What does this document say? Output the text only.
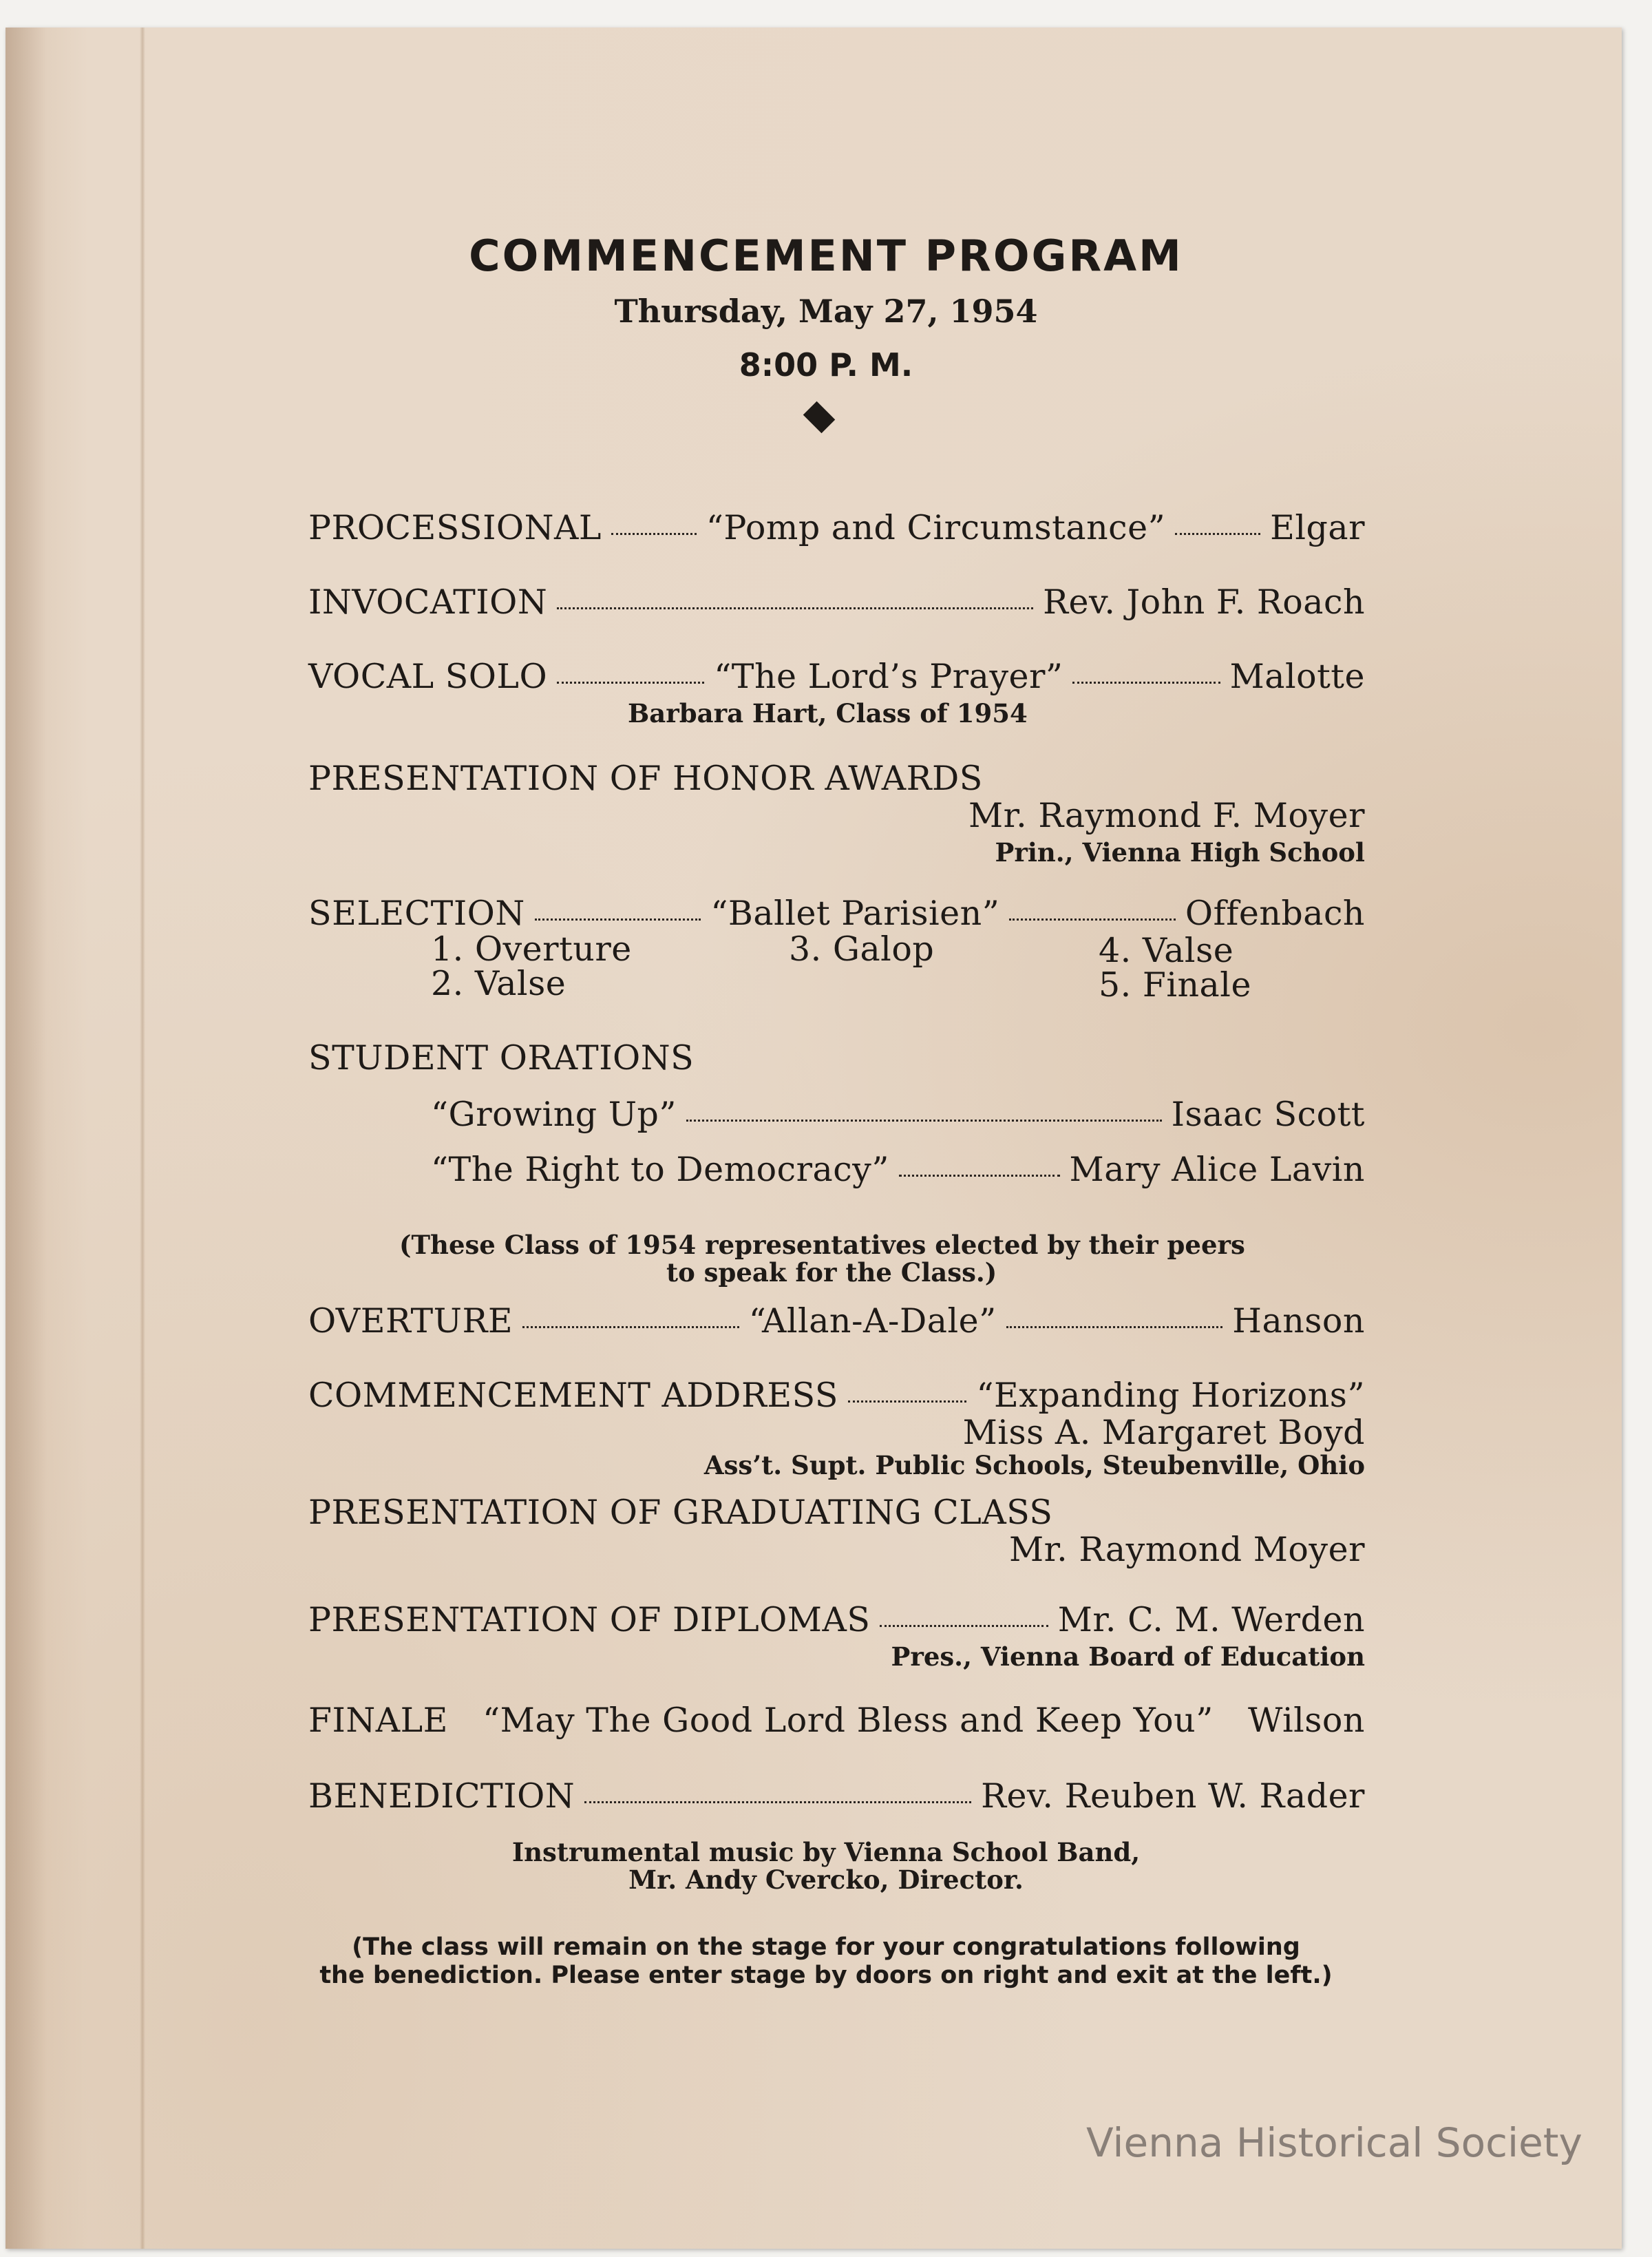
COMMENCEMENT PROGRAM
Thursday, May 27, 1954
8:00 P. M.
PROCESSIONAL	“Pomp and Circumstance”	Elgar
INVOCATION	Rev. John F. Roach
VOCAL SOLO	“The Lord’s Prayer”	Malotte
Barbara Hart, Class of 1954
PRESENTATION OF HONOR AWARDS
Mr. Raymond F. Moyer
Prin., Vienna High School
SELECTION	“Ballet Parisien”	Offenbach
1. Overture
2. Valse
3. Galop	4. Valse
5. Finale
STUDENT ORATIONS
“Growing Up”	Isaac Scott
“The Right to Democracy”	Mary Alice Lavin
(These Class of 1954 representatives elected by their peers
to speak for the Class.)
OVERTURE	“Allan-A-Dale”	Hanson
COMMENCEMENT ADDRESS	“Expanding Horizons”
Miss A. Margaret Boyd
Ass’t. Supt. Public Schools, Steubenville, Ohio
PRESENTATION OF GRADUATING CLASS
Mr. Raymond Moyer
PRESENTATION OF DIPLOMAS	Mr. C. M. Werden
Pres., Vienna Board of Education
FINALE	“May The Good Lord Bless and Keep You”	Wilson
BENEDICTION	Rev. Reuben W. Rader
Instrumental music by Vienna School Band,
Mr. Andy Cvercko, Director.
(The class will remain on the stage for your congratulations following
the benediction. Please enter stage by doors on right and exit at the left.)
Vienna Historical Society
